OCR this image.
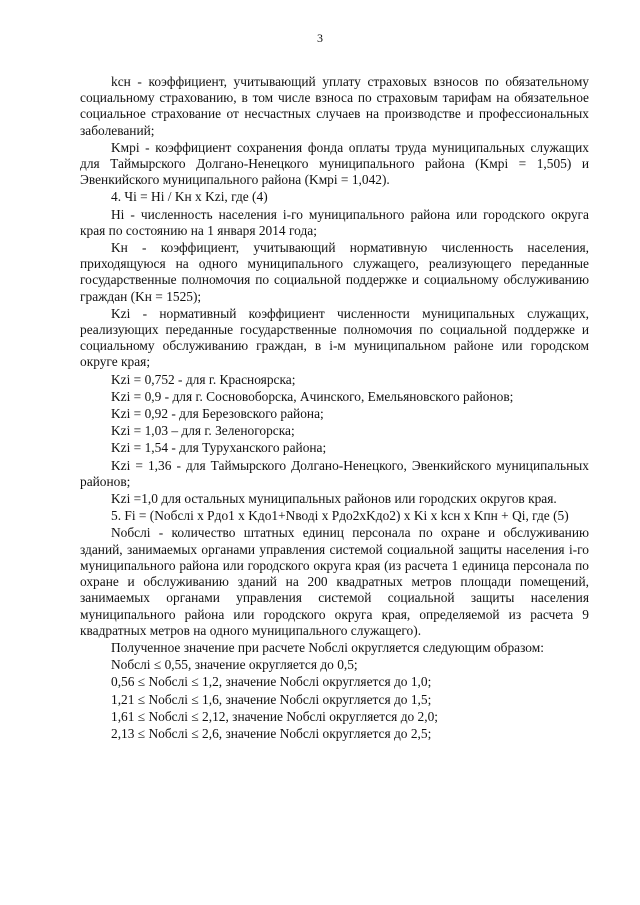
3

kсн - коэффициент, учитывающий уплату страховых взносов по обязательному социальному страхованию, в том числе взноса по страховым тарифам на обязательное социальное страхование от несчастных случаев на производстве и профессиональных заболеваний;

Kмрi - коэффициент сохранения фонда оплаты труда муниципальных служащих для Таймырского Долгано-Ненецкого муниципального района (Kмрi = 1,505) и Эвенкийского муниципального района (Kмрi = 1,042).

4. Чi = Hi / Kн x Kzi, где (4)

Hi - численность населения i-го муниципального района или городского округа края по состоянию на 1 января 2014 года;

Kн - коэффициент, учитывающий нормативную численность населения, приходящуюся на одного муниципального служащего, реализующего переданные государственные полномочия по социальной поддержке и социальному обслуживанию граждан (Kн = 1525);

Kzi - нормативный коэффициент численности муниципальных служащих, реализующих переданные государственные полномочия по социальной поддержке и социальному обслуживанию граждан, в i-м муниципальном районе или городском округе края;

Kzi = 0,752 - для г. Красноярска;

Kzi = 0,9 - для г. Сосновоборска, Ачинского, Емельяновского районов;

Kzi = 0,92 - для Березовского района;

Kzi = 1,03 – для г. Зеленогорска;

Kzi = 1,54 - для Туруханского района;

Kzi = 1,36 - для Таймырского Долгано-Ненецкого, Эвенкийского муниципальных районов;

Kzi =1,0 для остальных муниципальных районов или городских округов края.

5. Fi = (Nобслi x Pдо1 x Kдо1+Nводi x Pдо2xKдо2) x Ki x kсн x Kпн + Qi, где (5)

Nобслi - количество штатных единиц персонала по охране и обслуживанию зданий, занимаемых органами управления системой социальной защиты населения i-го муниципального района или городского округа края (из расчета 1 единица персонала по охране и обслуживанию зданий на 200 квадратных метров площади помещений, занимаемых органами управления системой социальной защиты населения муниципального района или городского округа края, определяемой из расчета 9 квадратных метров на одного муниципального служащего).

Полученное значение при расчете Nобслi округляется следующим образом:

Nобслi ≤ 0,55, значение округляется до 0,5;

0,56 ≤ Nобслi ≤ 1,2, значение Nобслi округляется до 1,0;

1,21 ≤ Nобслi ≤ 1,6, значение Nобслi округляется до 1,5;

1,61 ≤ Nобслi ≤ 2,12, значение Nобслi округляется до 2,0;

2,13 ≤ Nобслi ≤ 2,6, значение Nобслi округляется до 2,5;
